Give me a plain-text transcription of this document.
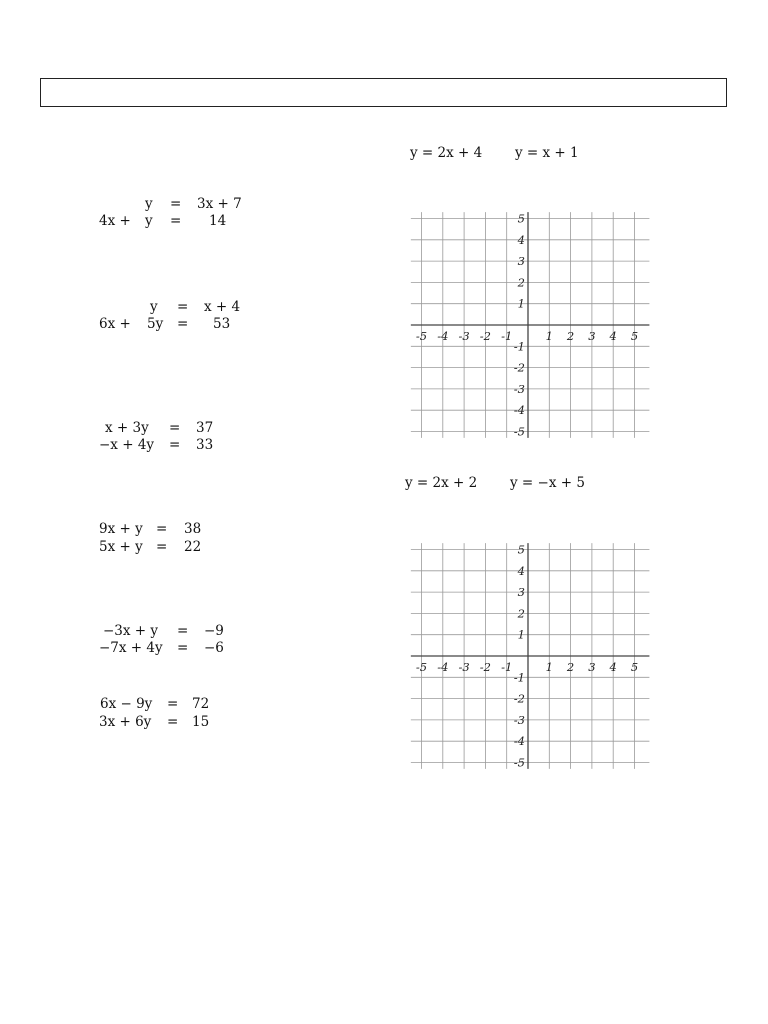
y = 3x + 7
4x + y = 14
y = x + 4
6x + 5y = 53
x + 3y = 37
−x + 4y = 33
9x + y = 38
5x + y = 22
−3x + y = −9
−7x + 4y = −6
6x − 9y = 72
3x + 6y = 15
y = 2x + 4 y = x + 1
y = 2x + 2 y = −x + 5
-5 -4 -3 -2 -1	1 2 3 4 5
5
4
3
2
1
-1
-2
-3
-4
-5
-5 -4 -3 -2 -1	1 2 3 4 5
5
4
3
2
1
-1
-2
-3
-4
-5
